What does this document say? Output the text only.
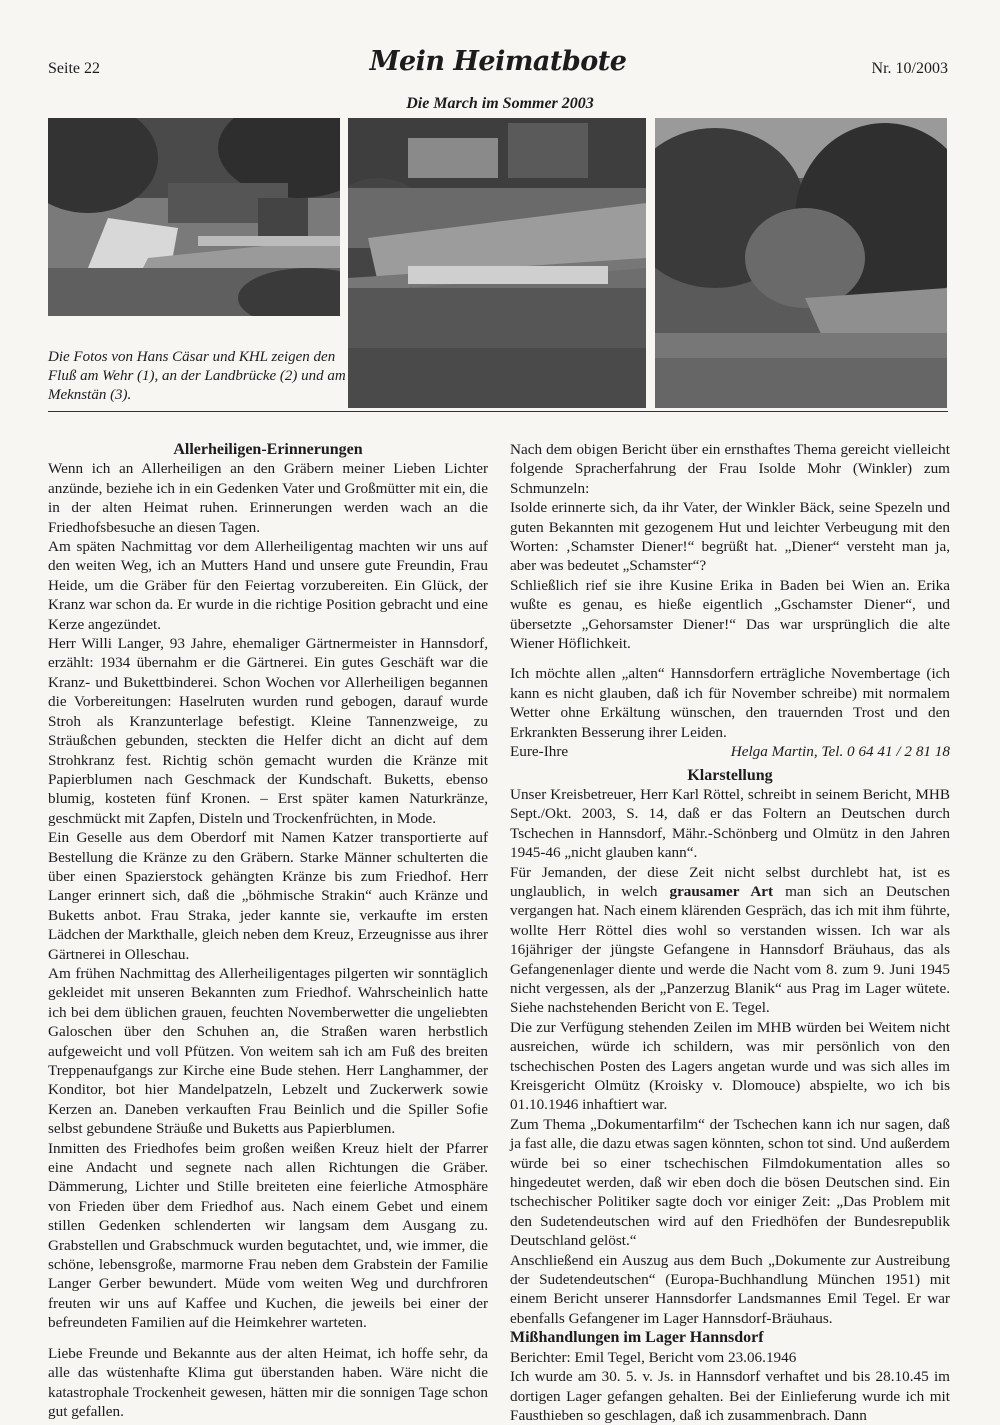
Seite 22	Mein Heimatbote	Nr. 10/2003
Die March im Sommer 2003
Die Fotos von Hans Cäsar und KHL zeigen den Fluß am Wehr (1), an der Landbrücke (2) und am Meknstän (3).

Allerheiligen-Erinnerungen

Wenn ich an Allerheiligen an den Gräbern meiner Lieben Lichter anzünde, beziehe ich in ein Gedenken Vater und Großmütter mit ein, die in der alten Heimat ruhen. Erinnerungen werden wach an die Friedhofsbesuche an diesen Tagen.

Am späten Nachmittag vor dem Allerheiligentag machten wir uns auf den weiten Weg, ich an Mutters Hand und unsere gute Freundin, Frau Heide, um die Gräber für den Feiertag vorzubereiten. Ein Glück, der Kranz war schon da. Er wurde in die richtige Position gebracht und eine Kerze angezündet.

Herr Willi Langer, 93 Jahre, ehemaliger Gärtnermeister in Hannsdorf, erzählt: 1934 übernahm er die Gärtnerei. Ein gutes Geschäft war die Kranz- und Bukettbinderei. Schon Wochen vor Allerheiligen begannen die Vorbereitungen: Haselruten wurden rund gebogen, darauf wurde Stroh als Kranzunterlage befestigt. Kleine Tannenzweige, zu Sträußchen gebunden, steckten die Helfer dicht an dicht auf dem Strohkranz fest. Richtig schön gemacht wurden die Kränze mit Papierblumen nach Geschmack der Kundschaft. Buketts, ebenso blumig, kosteten fünf Kronen. – Erst später kamen Naturkränze, geschmückt mit Zapfen, Disteln und Trockenfrüchten, in Mode.

Ein Geselle aus dem Oberdorf mit Namen Katzer transportierte auf Bestellung die Kränze zu den Gräbern. Starke Männer schulterten die über einen Spazierstock gehängten Kränze bis zum Friedhof. Herr Langer erinnert sich, daß die „böhmische Strakin“ auch Kränze und Buketts anbot. Frau Straka, jeder kannte sie, verkaufte im ersten Lädchen der Markthalle, gleich neben dem Kreuz, Erzeugnisse aus ihrer Gärtnerei in Olleschau.

Am frühen Nachmittag des Allerheiligentages pilgerten wir sonntäglich gekleidet mit unseren Bekannten zum Friedhof. Wahrscheinlich hatte ich bei dem üblichen grauen, feuchten Novemberwetter die ungeliebten Galoschen über den Schuhen an, die Straßen waren herbstlich aufgeweicht und voll Pfützen. Von weitem sah ich am Fuß des breiten Treppenaufgangs zur Kirche eine Bude stehen. Herr Langhammer, der Konditor, bot hier Mandelpatzeln, Lebzelt und Zuckerwerk sowie Kerzen an. Daneben verkauften Frau Beinlich und die Spiller Sofie selbst gebundene Sträuße und Buketts aus Papierblumen.

Inmitten des Friedhofes beim großen weißen Kreuz hielt der Pfarrer eine Andacht und segnete nach allen Richtungen die Gräber. Dämmerung, Lichter und Stille breiteten eine feierliche Atmosphäre von Frieden über dem Friedhof aus. Nach einem Gebet und einem stillen Gedenken schlenderten wir langsam dem Ausgang zu. Grabstellen und Grabschmuck wurden begutachtet, und, wie immer, die schöne, lebensgroße, marmorne Frau neben dem Grabstein der Familie Langer Gerber bewundert. Müde vom weiten Weg und durchfroren freuten wir uns auf Kaffee und Kuchen, die jeweils bei einer der befreundeten Familien auf die Heimkehrer warteten.

Liebe Freunde und Bekannte aus der alten Heimat, ich hoffe sehr, da alle das wüstenhafte Klima gut überstanden haben. Wäre nicht die katastrophale Trockenheit gewesen, hätten mir die sonnigen Tage schon gut gefallen.

Nach dem obigen Bericht über ein ernsthaftes Thema gereicht vielleicht folgende Spracherfahrung der Frau Isolde Mohr (Winkler) zum Schmunzeln:

Isolde erinnerte sich, da ihr Vater, der Winkler Bäck, seine Spezeln und guten Bekannten mit gezogenem Hut und leichter Verbeugung mit den Worten: ‚Schamster Diener!“ begrüßt hat. „Diener“ versteht man ja, aber was bedeutet „Schamster“?

Schließlich rief sie ihre Kusine Erika in Baden bei Wien an. Erika wußte es genau, es hieße eigentlich „Gschamster Diener“, und übersetzte „Gehorsamster Diener!“ Das war ursprünglich die alte Wiener Höflichkeit.

Ich möchte allen „alten“ Hannsdorfern erträgliche Novembertage (ich kann es nicht glauben, daß ich für November schreibe) mit normalem Wetter ohne Erkältung wünschen, den trauernden Trost und den Erkrankten Besserung ihrer Leiden.

Eure-Ihre	Helga Martin, Tel. 0 64 41 / 2 81 18

Klarstellung

Unser Kreisbetreuer, Herr Karl Röttel, schreibt in seinem Bericht, MHB Sept./Okt. 2003, S. 14, daß er das Foltern an Deutschen durch Tschechen in Hannsdorf, Mähr.-Schönberg und Olmütz in den Jahren 1945-46 „nicht glauben kann“.

Für Jemanden, der diese Zeit nicht selbst durchlebt hat, ist es unglaublich, in welch grausamer Art man sich an Deutschen vergangen hat. Nach einem klärenden Gespräch, das ich mit ihm führte, wollte Herr Röttel dies wohl so verstanden wissen. Ich war als 16jähriger der jüngste Gefangene in Hannsdorf Bräuhaus, das als Gefangenenlager diente und werde die Nacht vom 8. zum 9. Juni 1945 nicht vergessen, als der „Panzerzug Blanik“ aus Prag im Lager wütete. Siehe nachstehenden Bericht von E. Tegel.

Die zur Verfügung stehenden Zeilen im MHB würden bei Weitem nicht ausreichen, würde ich schildern, was mir persönlich von den tschechischen Posten des Lagers angetan wurde und was sich alles im Kreisgericht Olmütz (Kroisky v. Dlomouce) abspielte, wo ich bis 01.10.1946 inhaftiert war.

Zum Thema „Dokumentarfilm“ der Tschechen kann ich nur sagen, daß ja fast alle, die dazu etwas sagen könnten, schon tot sind. Und außerdem würde bei so einer tschechischen Filmdokumentation alles so hingedeutet werden, daß wir eben doch die bösen Deutschen sind. Ein tschechischer Politiker sagte doch vor einiger Zeit: „Das Problem mit den Sudetendeutschen wird auf den Friedhöfen der Bundesrepublik Deutschland gelöst.“

Anschließend ein Auszug aus dem Buch „Dokumente zur Austreibung der Sudetendeutschen“ (Europa-Buchhandlung München 1951) mit einem Bericht unserer Hannsdorfer Landsmannes Emil Tegel. Er war ebenfalls Gefangener im Lager Hannsdorf-Bräuhaus.

Mißhandlungen im Lager Hannsdorf

Berichter: Emil Tegel, Bericht vom 23.06.1946

Ich wurde am 30. 5. v. Js. in Hannsdorf verhaftet und bis 28.10.45 im dortigen Lager gefangen gehalten. Bei der Einlieferung wurde ich mit Fausthieben so geschlagen, daß ich zusammenbrach. Dann
